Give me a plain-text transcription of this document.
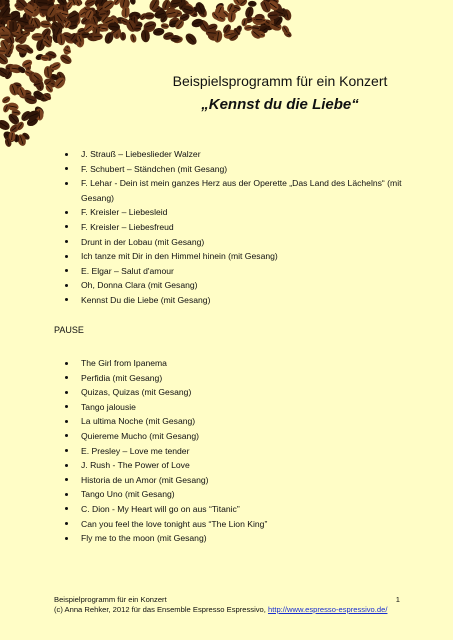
Beispielsprogramm für ein Konzert
„Kennst du die Liebe“
J. Strauß – Liebeslieder Walzer
F. Schubert – Ständchen (mit Gesang)
F. Lehar - Dein ist mein ganzes Herz aus der Operette „Das Land des Lächelns“ (mit Gesang)
F. Kreisler – Liebesleid
F. Kreisler – Liebesfreud
Drunt in der Lobau (mit Gesang)
Ich tanze mit Dir in den Himmel hinein (mit Gesang)
E. Elgar – Salut d'amour
Oh, Donna Clara (mit Gesang)
Kennst Du die Liebe (mit Gesang)

PAUSE

The Girl from Ipanema
Perfidia (mit Gesang)
Quizas, Quizas (mit Gesang)
Tango jalousie
La ultima Noche (mit Gesang)
Quiereme Mucho (mit Gesang)
E. Presley – Love me tender
J. Rush - The Power of Love
Historia de un Amor (mit Gesang)
Tango Uno (mit Gesang)
C. Dion - My Heart will go on aus “Titanic”
Can you feel the love tonight aus “The Lion King”
Fly me to the moon (mit Gesang)
Beispielprogramm für ein Konzert	1
(c) Anna Rehker, 2012 für das Ensemble Espresso Espressivo, http://www.espresso-espressivo.de/
